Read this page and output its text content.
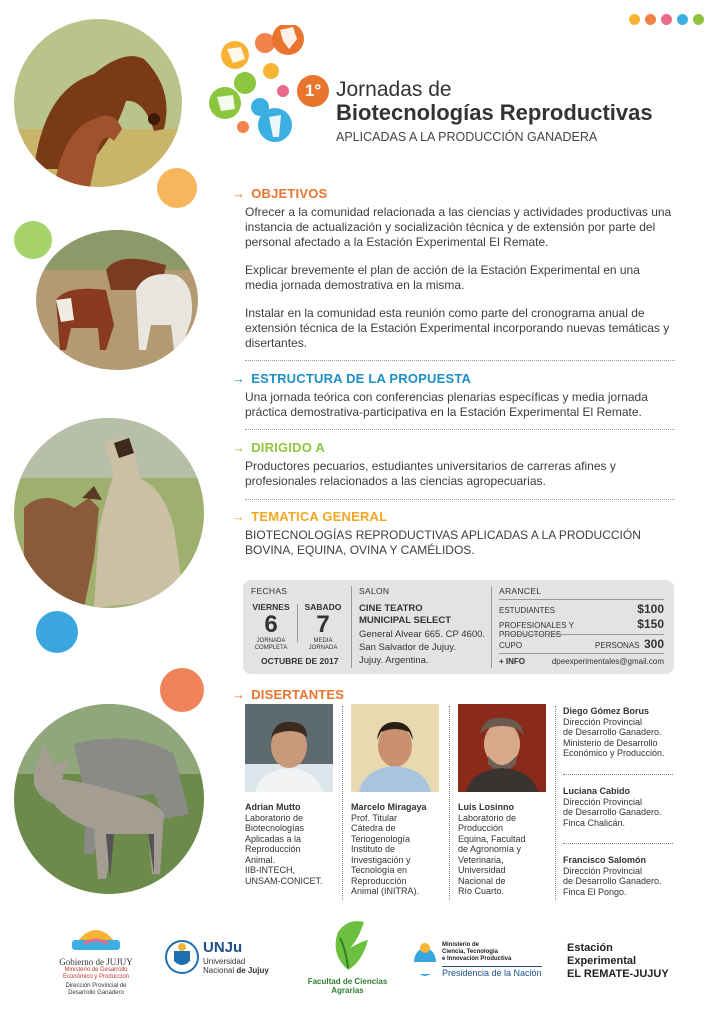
1° Jornadas de
Biotecnologías Reproductivas
APLICADAS A LA PRODUCCIÓN GANADERA
→ OBJETIVOS

Ofrecer a la comunidad relacionada a las ciencias y actividades productivas una instancia de actualización y socialización técnica y de extensión por parte del personal afectado a la Estación Experimental El Remate.

Explicar brevemente el plan de acción de la Estación Experimental en una media jornada demostrativa en la misma.

Instalar en la comunidad esta reunión como parte del cronograma anual de extensión técnica de la Estación Experimental incorporando nuevas temáticas y disertantes.

→ ESTRUCTURA DE LA PROPUESTA
Una jornada teórica con conferencias plenarias específicas y media jornada práctica demostrativa-participativa en la Estación Experimental El Remate.
→ DIRIGIDO A
Productores pecuarios, estudiantes universitarios de carreras afines y profesionales relacionados a las ciencias agropecuarias.
→ TEMATICA GENERAL
BIOTECNOLOGÍAS REPRODUCTIVAS APLICADAS A LA PRODUCCIÓN BOVINA, EQUINA, OVINA Y CAMÉLIDOS.
FECHAS
VIERNES
6
JORNADA
COMPLETA
SABADO
7
MEDIA
JORNADA
OCTUBRE DE 2017
SALON
CINE TEATRO
MUNICIPAL SELECT
General Alvear 665. CP 4600.
San Salvador de Jujuy.
Jujuy. Argentina.
ARANCEL
ESTUDIANTES	$100
PROFESIONALES Y PRODUCTORES
$150
CUPO	PERSONAS 300
+ INFO	dpeexperimentales@gmail.com
→ DISERTANTES
Adrian Mutto
Laboratorio de
Biotecnologías
Aplicadas a la
Reproducción
Animal.
IIB-INTECH,
UNSAM-CONICET.
Marcelo Miragaya
Prof. Titular
Cátedra de
Teriogenología
Instituto de
Investigación y
Tecnología en
Reproducción
Animal (INITRA).
Luis Losinno
Laboratorio de
Producción
Equina, Facultad
de Agronomía y
Veterinaria,
Universidad
Nacional de
Río Cuarto.
Diego Gómez Borus
Dirección Provincial
de Desarrollo Ganadero.
Ministerio de Desarrollo
Económico y Producción.
Luciana Cabido
Dirección Provincial
de Desarrollo Ganadero.
Finca Chalicán.
Francisco Salomón
Dirección Provincial
de Desarrollo Ganadero.
Finca El Pongo.
Gobierno de JUJUY
Ministerio de Desarrollo
Económico y Producción
Dirección Provincial de
Desarrollo Ganadero
UNJu
Universidad
Nacional de Jujuy
Facultad de Ciencias
Agrarias
Ministerio de
Ciencia, Tecnología
e Innovación Productiva
Presidencia de la Nación
Estación
Experimental
EL REMATE-JUJUY
